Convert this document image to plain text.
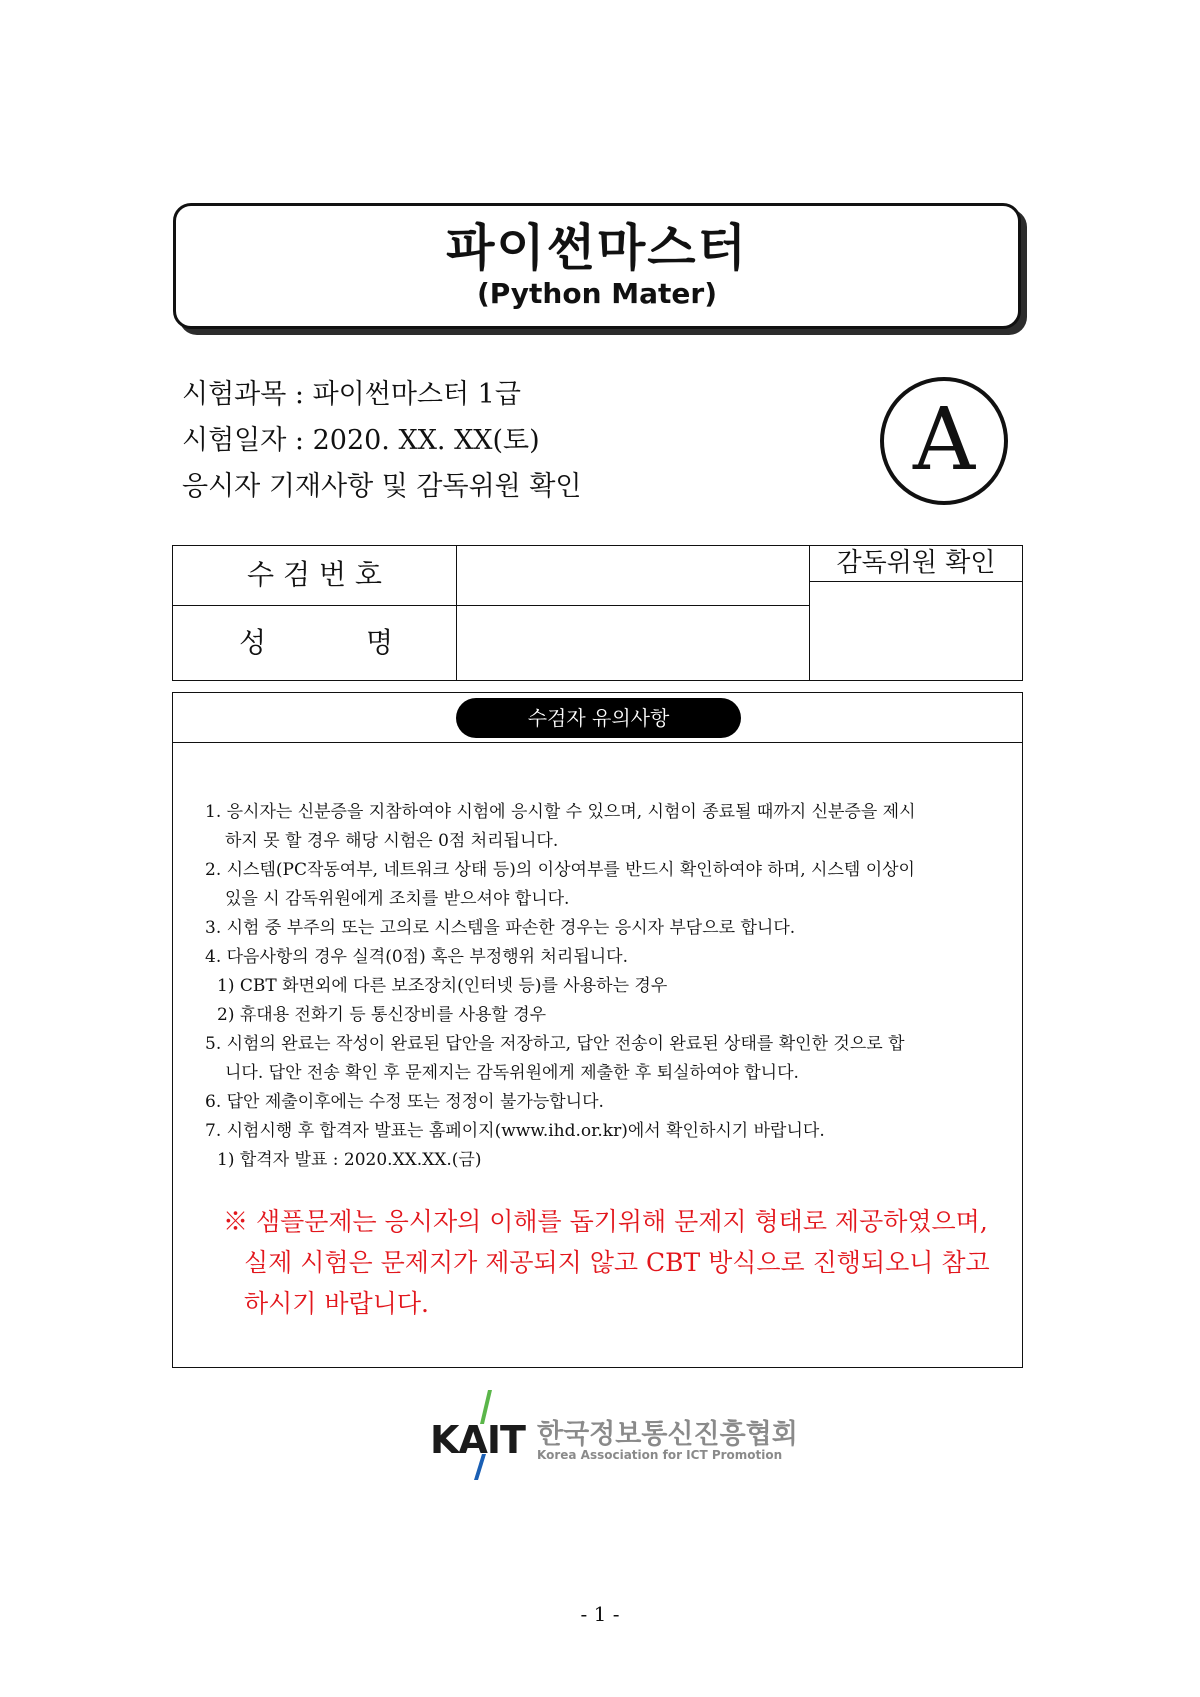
파이썬마스터
(Python Mater)
시험과목 : 파이썬마스터 1급
시험일자 : 2020. XX. XX(토)
응시자 기재사항 및 감독위원 확인	A
수 검 번 호
성	명
감독위원 확인
수검자 유의사항
1. 응시자는 신분증을 지참하여야 시험에 응시할 수 있으며, 시험이 종료될 때까지 신분증을 제시
하지 못 할 경우 해당 시험은 0점 처리됩니다.
2. 시스템(PC작동여부, 네트워크 상태 등)의 이상여부를 반드시 확인하여야 하며, 시스템 이상이
있을 시 감독위원에게 조치를 받으셔야 합니다.
3. 시험 중 부주의 또는 고의로 시스템을 파손한 경우는 응시자 부담으로 합니다.
4. 다음사항의 경우 실격(0점) 혹은 부정행위 처리됩니다.
1) CBT 화면외에 다른 보조장치(인터넷 등)를 사용하는 경우
2) 휴대용 전화기 등 통신장비를 사용할 경우
5. 시험의 완료는 작성이 완료된 답안을 저장하고, 답안 전송이 완료된 상태를 확인한 것으로 합
니다. 답안 전송 확인 후 문제지는 감독위원에게 제출한 후 퇴실하여야 합니다.
6. 답안 제출이후에는 수정 또는 정정이 불가능합니다.
7. 시험시행 후 합격자 발표는 홈페이지(www.ihd.or.kr)에서 확인하시기 바랍니다.
1) 합격자 발표 : 2020.XX.XX.(금)
※ 샘플문제는 응시자의 이해를 돕기위해 문제지 형태로 제공하였으며,
실제 시험은 문제지가 제공되지 않고 CBT 방식으로 진행되오니 참고
하시기 바랍니다.
KAIT 한국정보통신진흥협회
Korea Association for ICT Promotion
- 1 -
